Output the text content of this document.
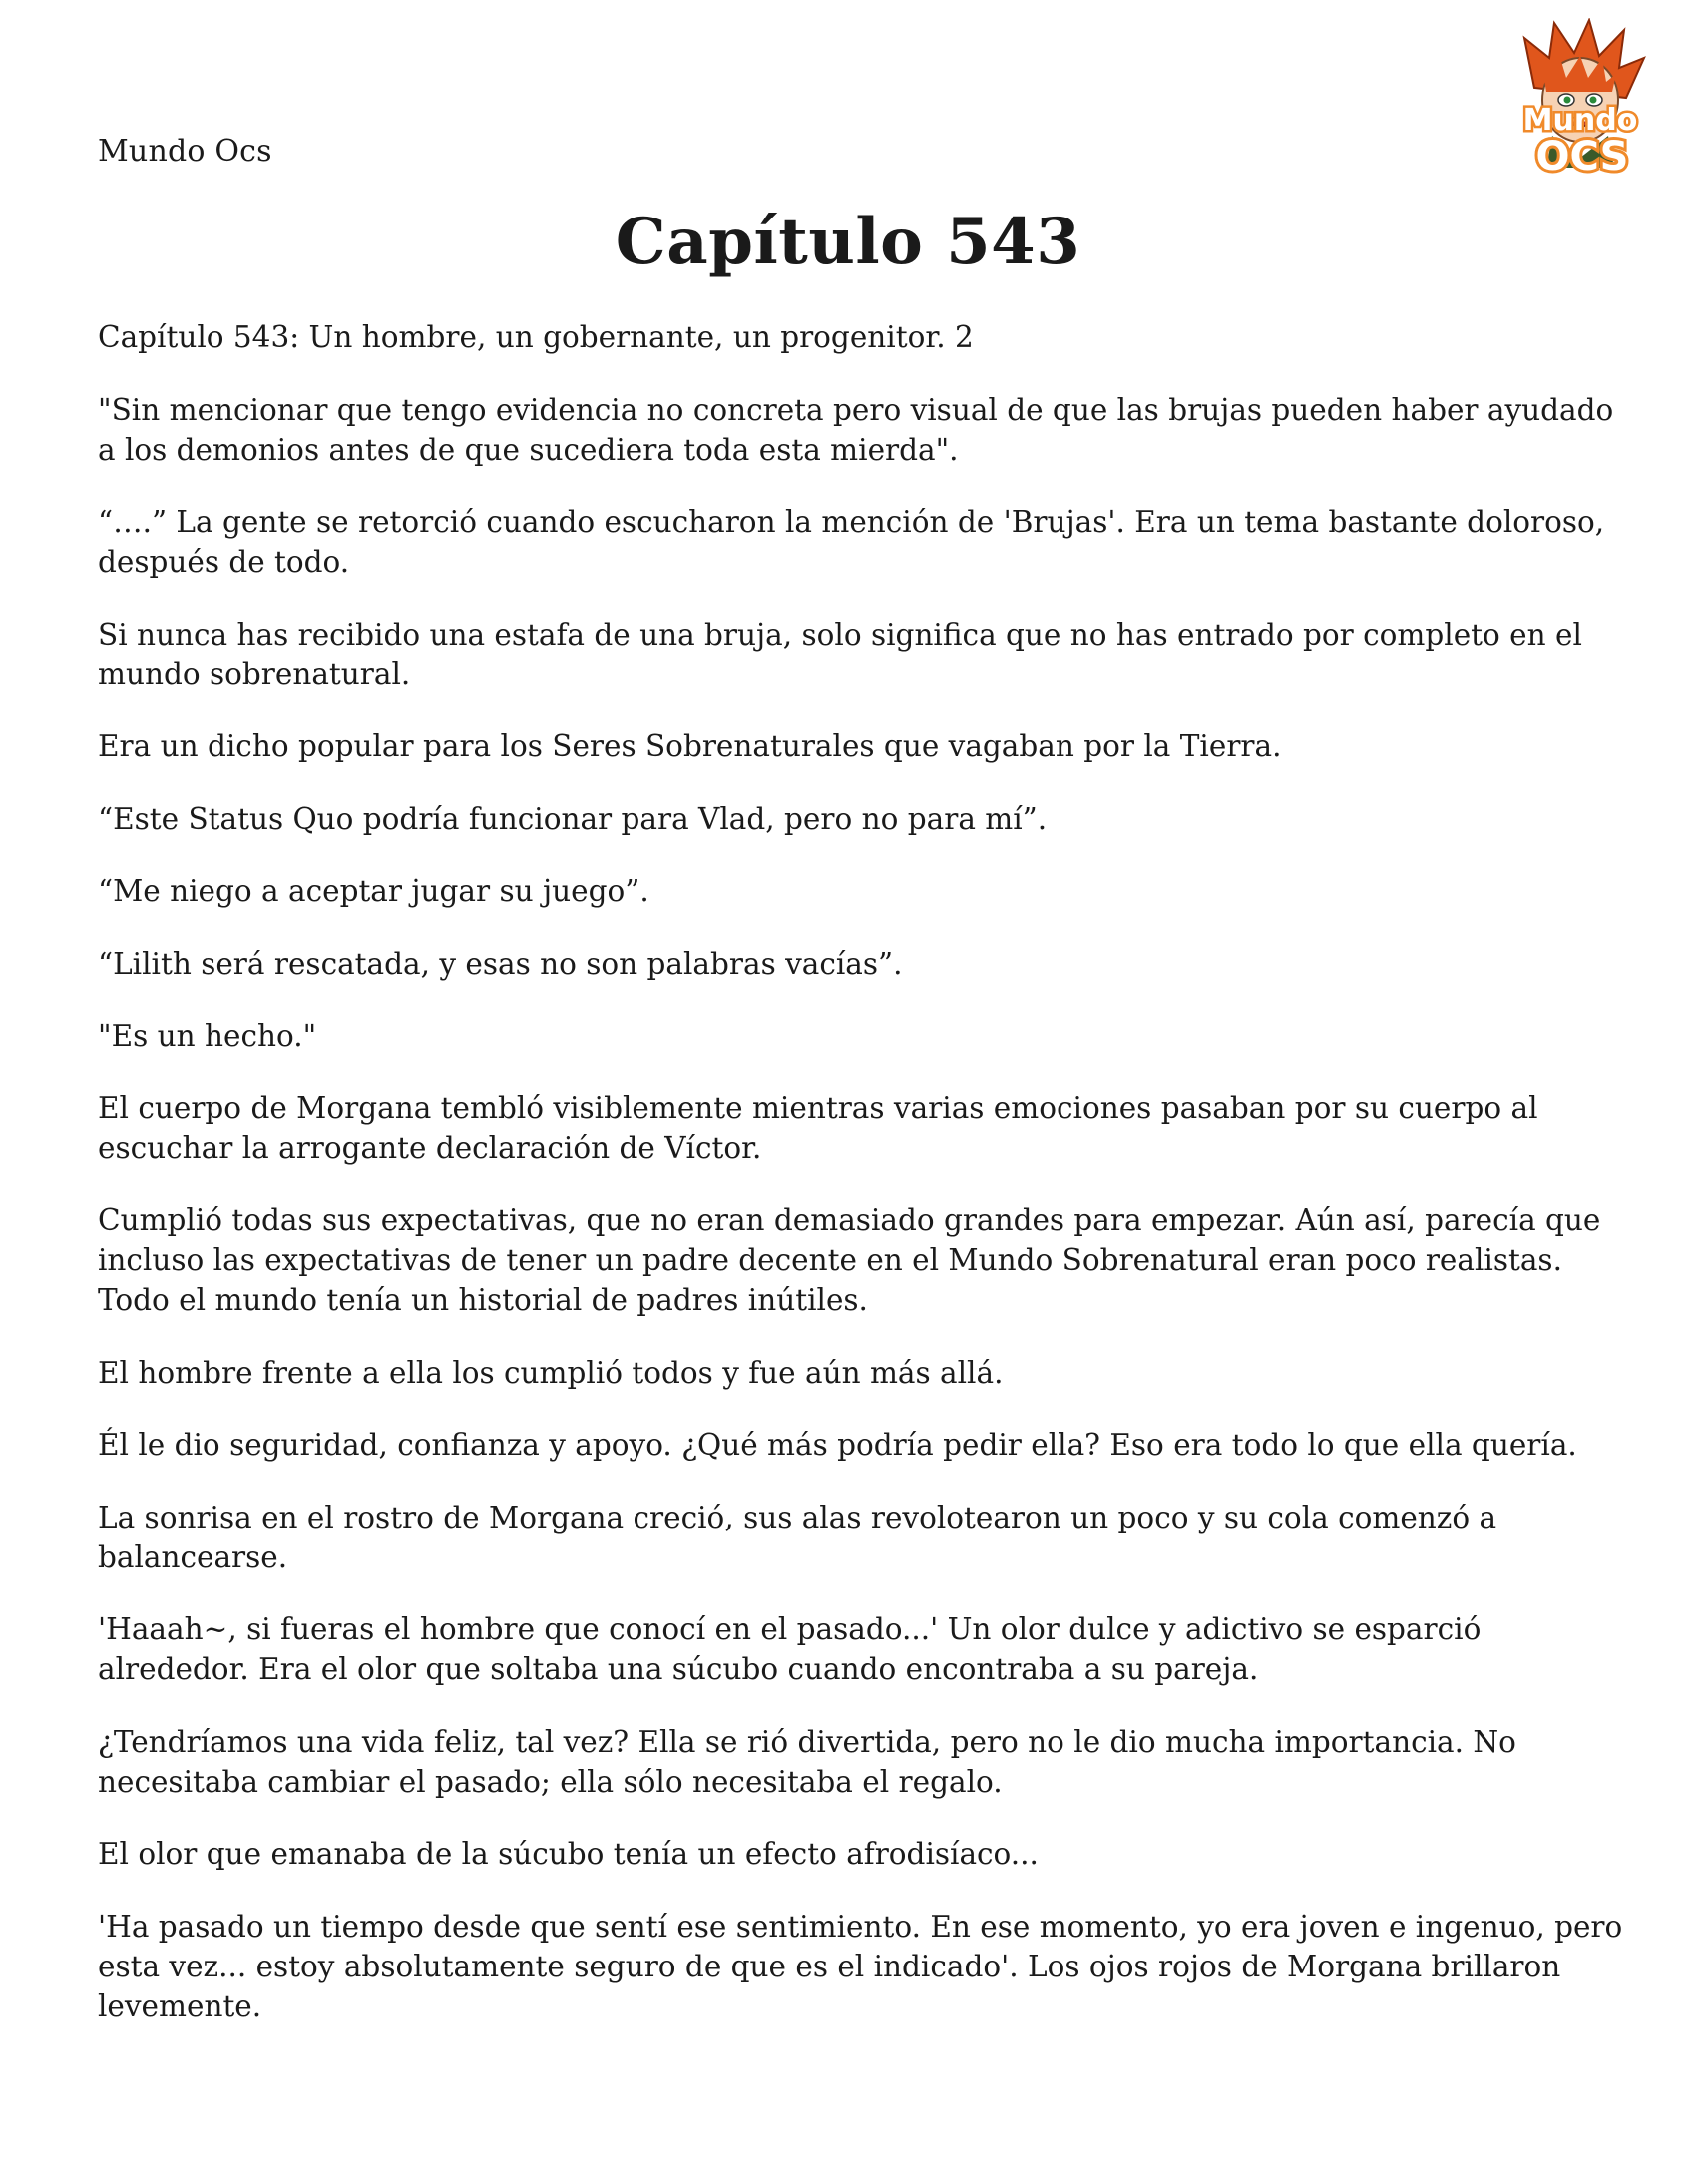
Mundo Ocs
Mundo
OCS
Capítulo 543

Capítulo 543: Un hombre, un gobernante, un progenitor. 2

"Sin mencionar que tengo evidencia no concreta pero visual de que las brujas pueden haber ayudado a los demonios antes de que sucediera toda esta mierda".

“….” La gente se retorció cuando escucharon la mención de 'Brujas'. Era un tema bastante doloroso, después de todo.

Si nunca has recibido una estafa de una bruja, solo significa que no has entrado por completo en el mundo sobrenatural.

Era un dicho popular para los Seres Sobrenaturales que vagaban por la Tierra.

“Este Status Quo podría funcionar para Vlad, pero no para mí”.

“Me niego a aceptar jugar su juego”.

“Lilith será rescatada, y esas no son palabras vacías”.

"Es un hecho."

El cuerpo de Morgana tembló visiblemente mientras varias emociones pasaban por su cuerpo al escuchar la arrogante declaración de Víctor.

Cumplió todas sus expectativas, que no eran demasiado grandes para empezar. Aún así, parecía que incluso las expectativas de tener un padre decente en el Mundo Sobrenatural eran poco realistas. Todo el mundo tenía un historial de padres inútiles.

El hombre frente a ella los cumplió todos y fue aún más allá.

Él le dio seguridad, confianza y apoyo. ¿Qué más podría pedir ella? Eso era todo lo que ella quería.

La sonrisa en el rostro de Morgana creció, sus alas revolotearon un poco y su cola comenzó a balancearse.

'Haaah~, si fueras el hombre que conocí en el pasado...' Un olor dulce y adictivo se esparció alrededor. Era el olor que soltaba una súcubo cuando encontraba a su pareja.

¿Tendríamos una vida feliz, tal vez? Ella se rió divertida, pero no le dio mucha importancia. No necesitaba cambiar el pasado; ella sólo necesitaba el regalo.

El olor que emanaba de la súcubo tenía un efecto afrodisíaco...

'Ha pasado un tiempo desde que sentí ese sentimiento. En ese momento, yo era joven e ingenuo, pero esta vez... estoy absolutamente seguro de que es el indicado'. Los ojos rojos de Morgana brillaron levemente.
